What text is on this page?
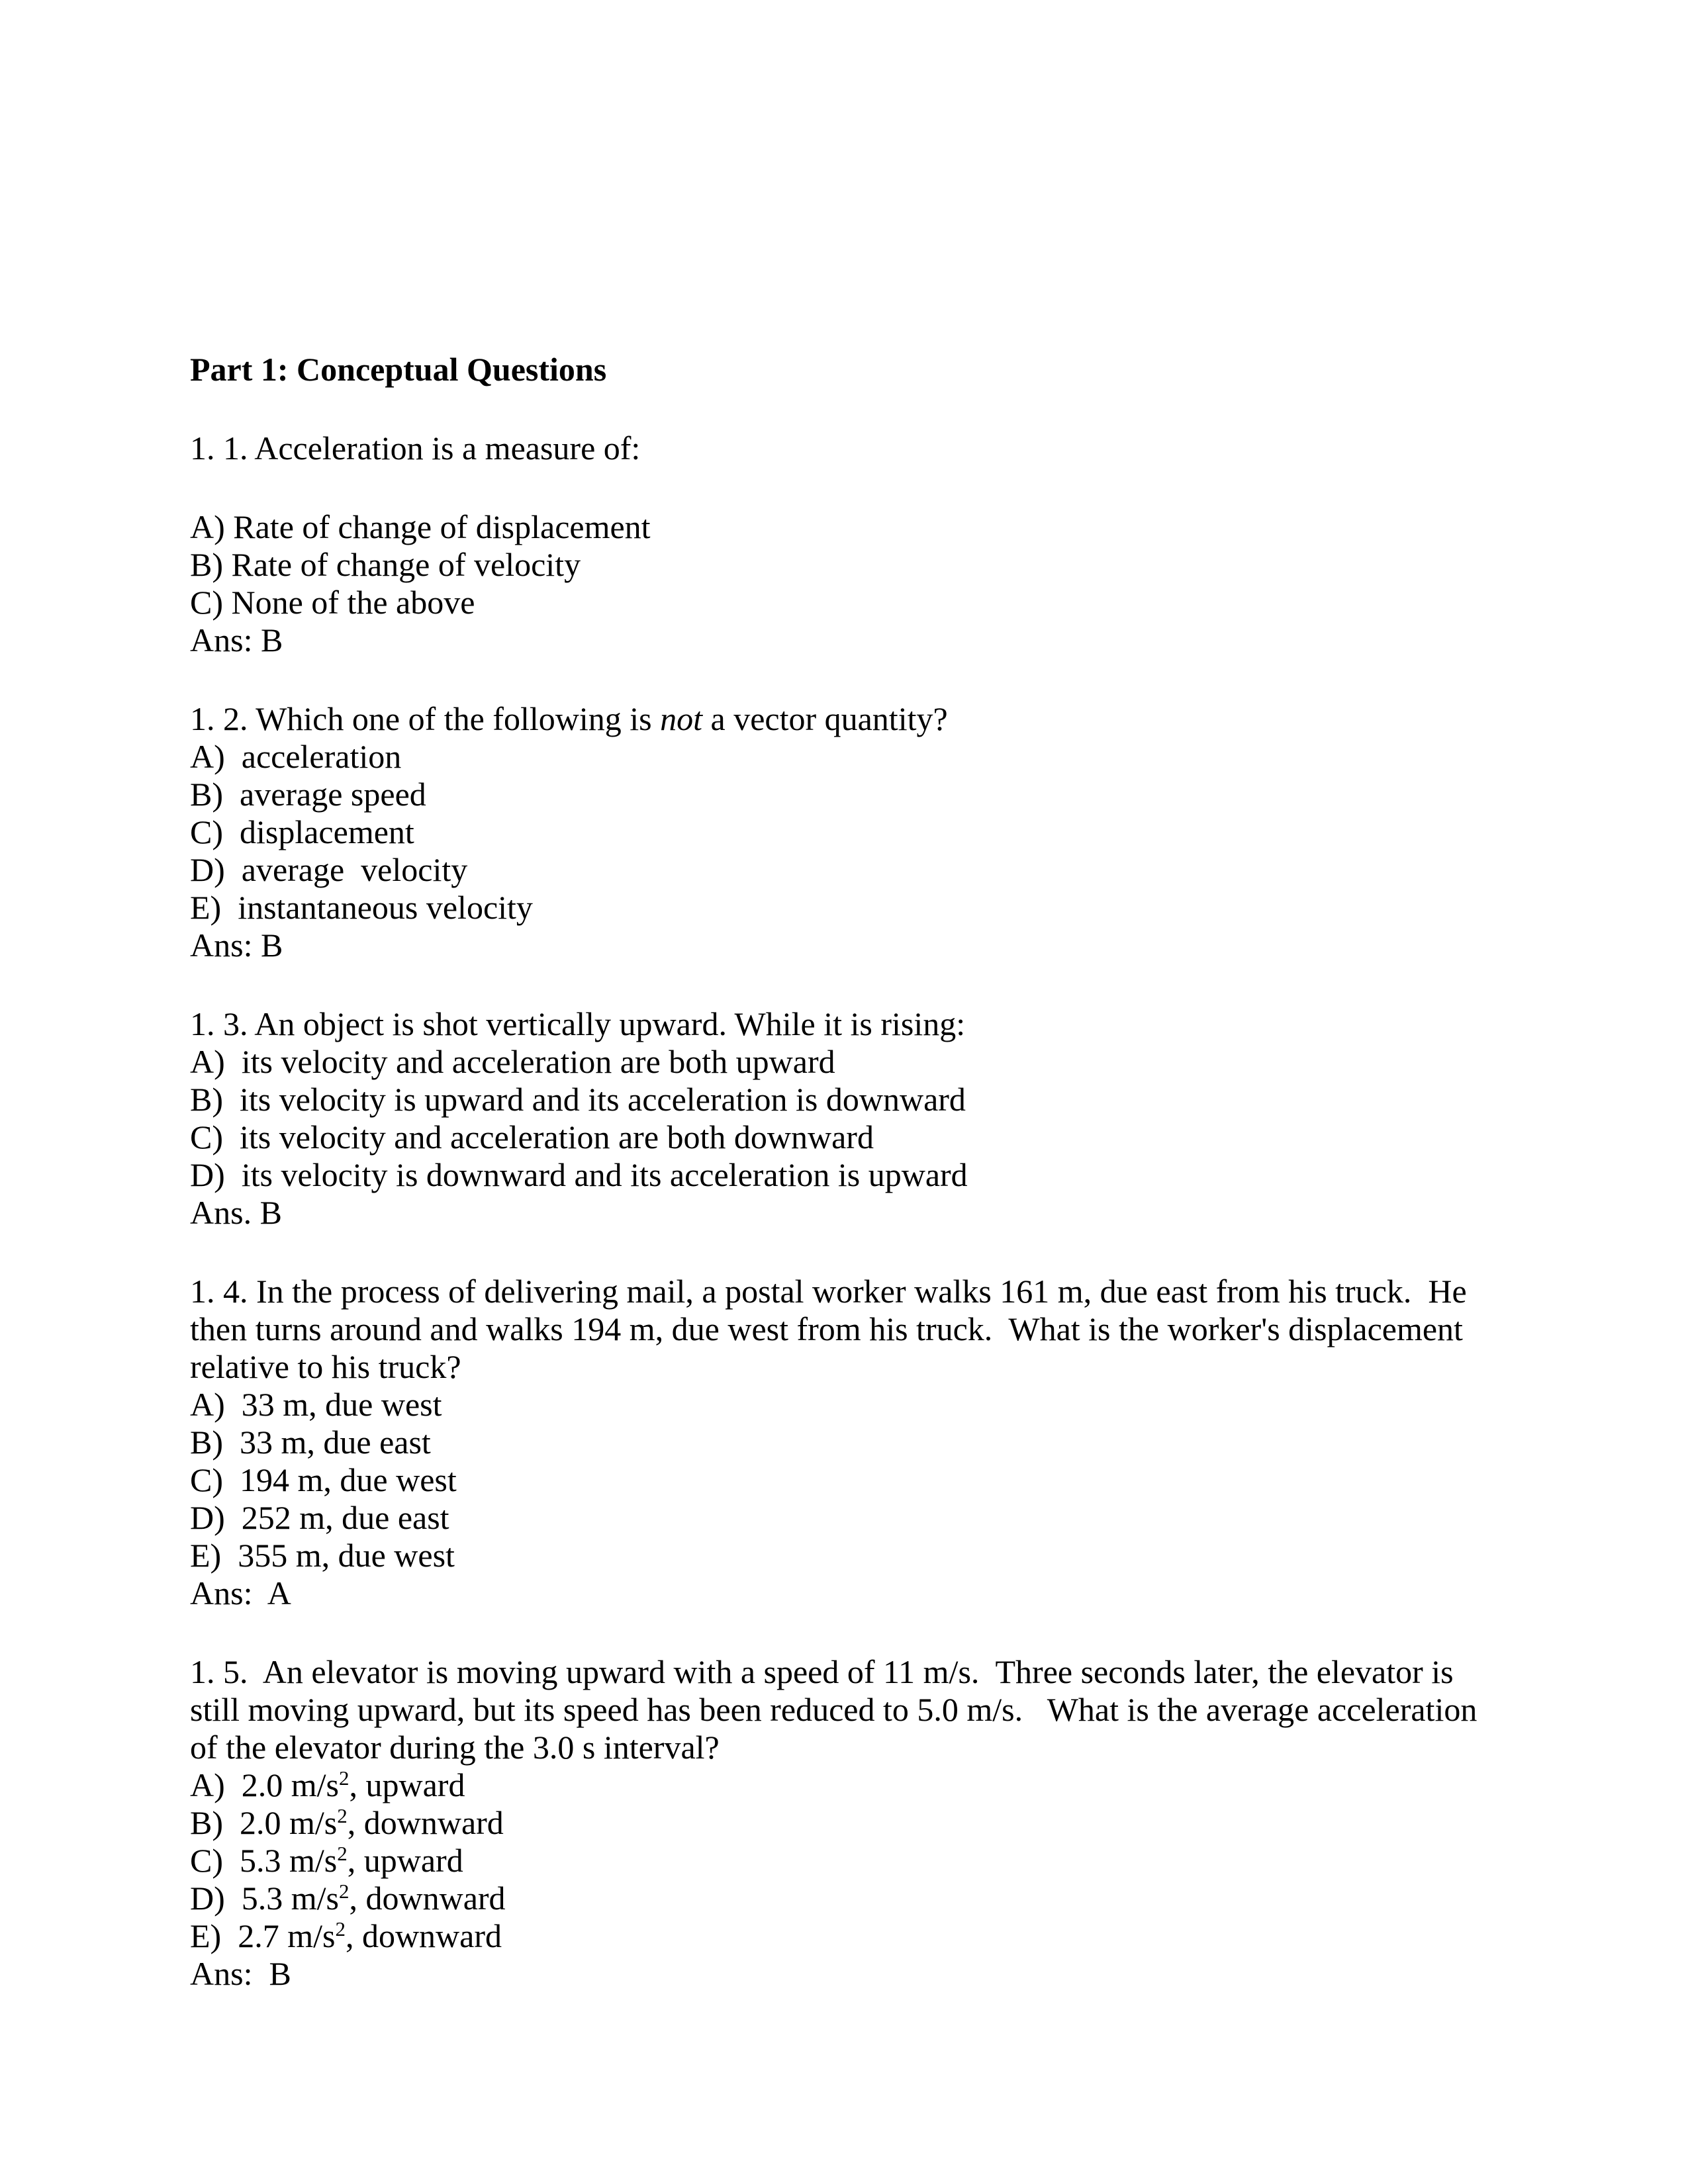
Part 1: Conceptual Questions

1. 1. Acceleration is a measure of:

A) Rate of change of displacement

B) Rate of change of velocity

C) None of the above

Ans: B

1. 2. Which one of the following is not a vector quantity?

A)  acceleration

B)  average speed

C)  displacement

D)  average  velocity

E)  instantaneous velocity

Ans: B

1. 3. An object is shot vertically upward. While it is rising:

A)  its velocity and acceleration are both upward

B)  its velocity is upward and its acceleration is downward

C)  its velocity and acceleration are both downward

D)  its velocity is downward and its acceleration is upward

Ans. B

1. 4. In the process of delivering mail, a postal worker walks 161 m, due east from his truck.  He then turns around and walks 194 m, due west from his truck.  What is the worker's displacement relative to his truck?

A)  33 m, due west

B)  33 m, due east

C)  194 m, due west

D)  252 m, due east

E)  355 m, due west

Ans:  A

1. 5.  An elevator is moving upward with a speed of 11 m/s.  Three seconds later, the elevator is still moving upward, but its speed has been reduced to 5.0 m/s.   What is the average acceleration of the elevator during the 3.0 s interval?

A)  2.0 $m/s^2$, upward

B)  2.0 $m/s^2$, downward

C)  5.3 $m/s^2$, upward

D)  5.3 $m/s^2$, downward

E)  2.7 $m/s^2$, downward

Ans:  B
